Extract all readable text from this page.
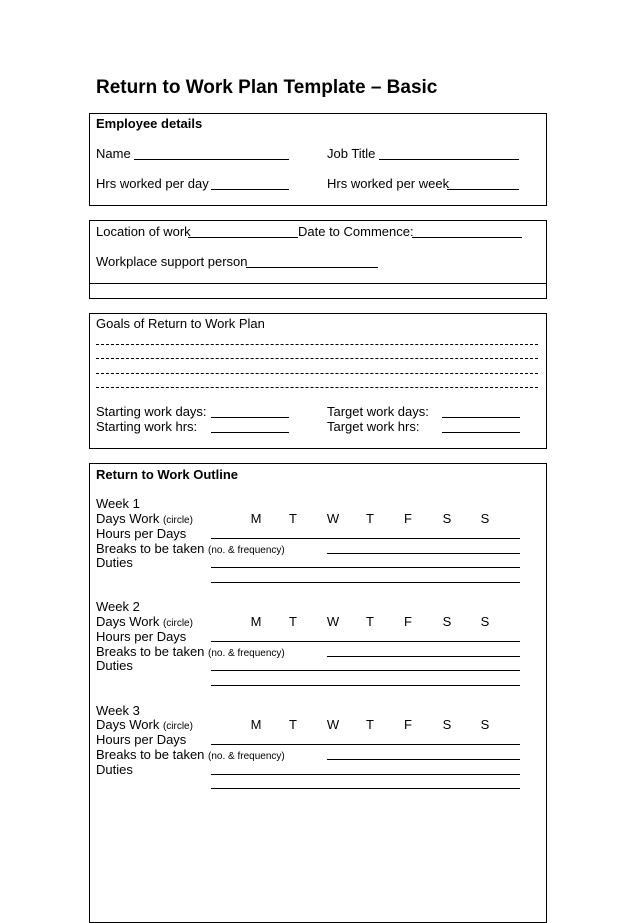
Return to Work Plan Template – Basic
Employee details
Name	Job Title
Hrs worked per day	Hrs worked per week
Location of work	Date to Commence:
Workplace support person
Goals of Return to Work Plan
Starting work days:	Target work days:
Starting work hrs:	Target work hrs:
Return to Work Outline
Week 1
Days Work (circle)	M T W T F S S
Hours per Days
Breaks to be taken (no. & frequency)
Duties
Week 2
Days Work (circle)	M T W T F S S
Hours per Days
Breaks to be taken (no. & frequency)
Duties
Week 3
Days Work (circle)	M T W T F S S
Hours per Days
Breaks to be taken (no. & frequency)
Duties
